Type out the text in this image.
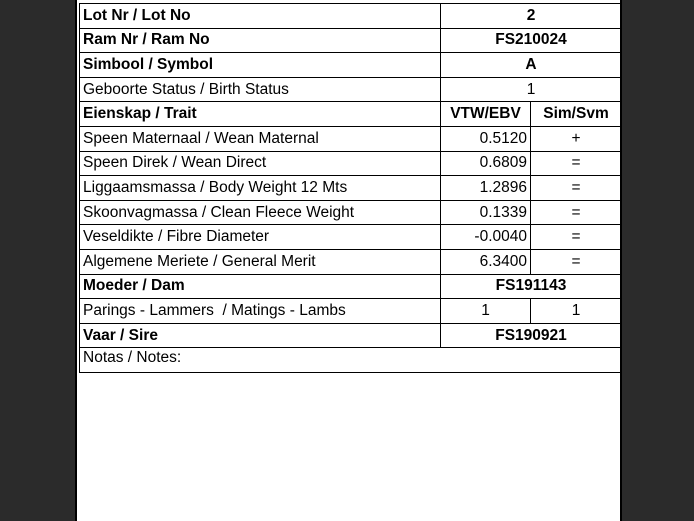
Lot Nr / Lot No	2	
Ram Nr / Ram No	FS210024	
Simbool / Symbol	A	
Geboorte Status / Birth Status	1	
Eienskap / Trait	VTW/EBV	Sim/Svm
Speen Maternaal / Wean Maternal	0.5120	+
Speen Direk / Wean Direct	0.6809	=
Liggaamsmassa / Body Weight 12 Mts	1.2896	=
Skoonvagmassa / Clean Fleece Weight	0.1339	=
Veseldikte / Fibre Diameter	-0.0040	=
Algemene Meriete / General Merit	6.3400	=
Moeder / Dam	FS191143	
Parings - Lammers  / Matings - Lambs	1	1
Vaar / Sire	FS190921	
Notas / Notes:		
